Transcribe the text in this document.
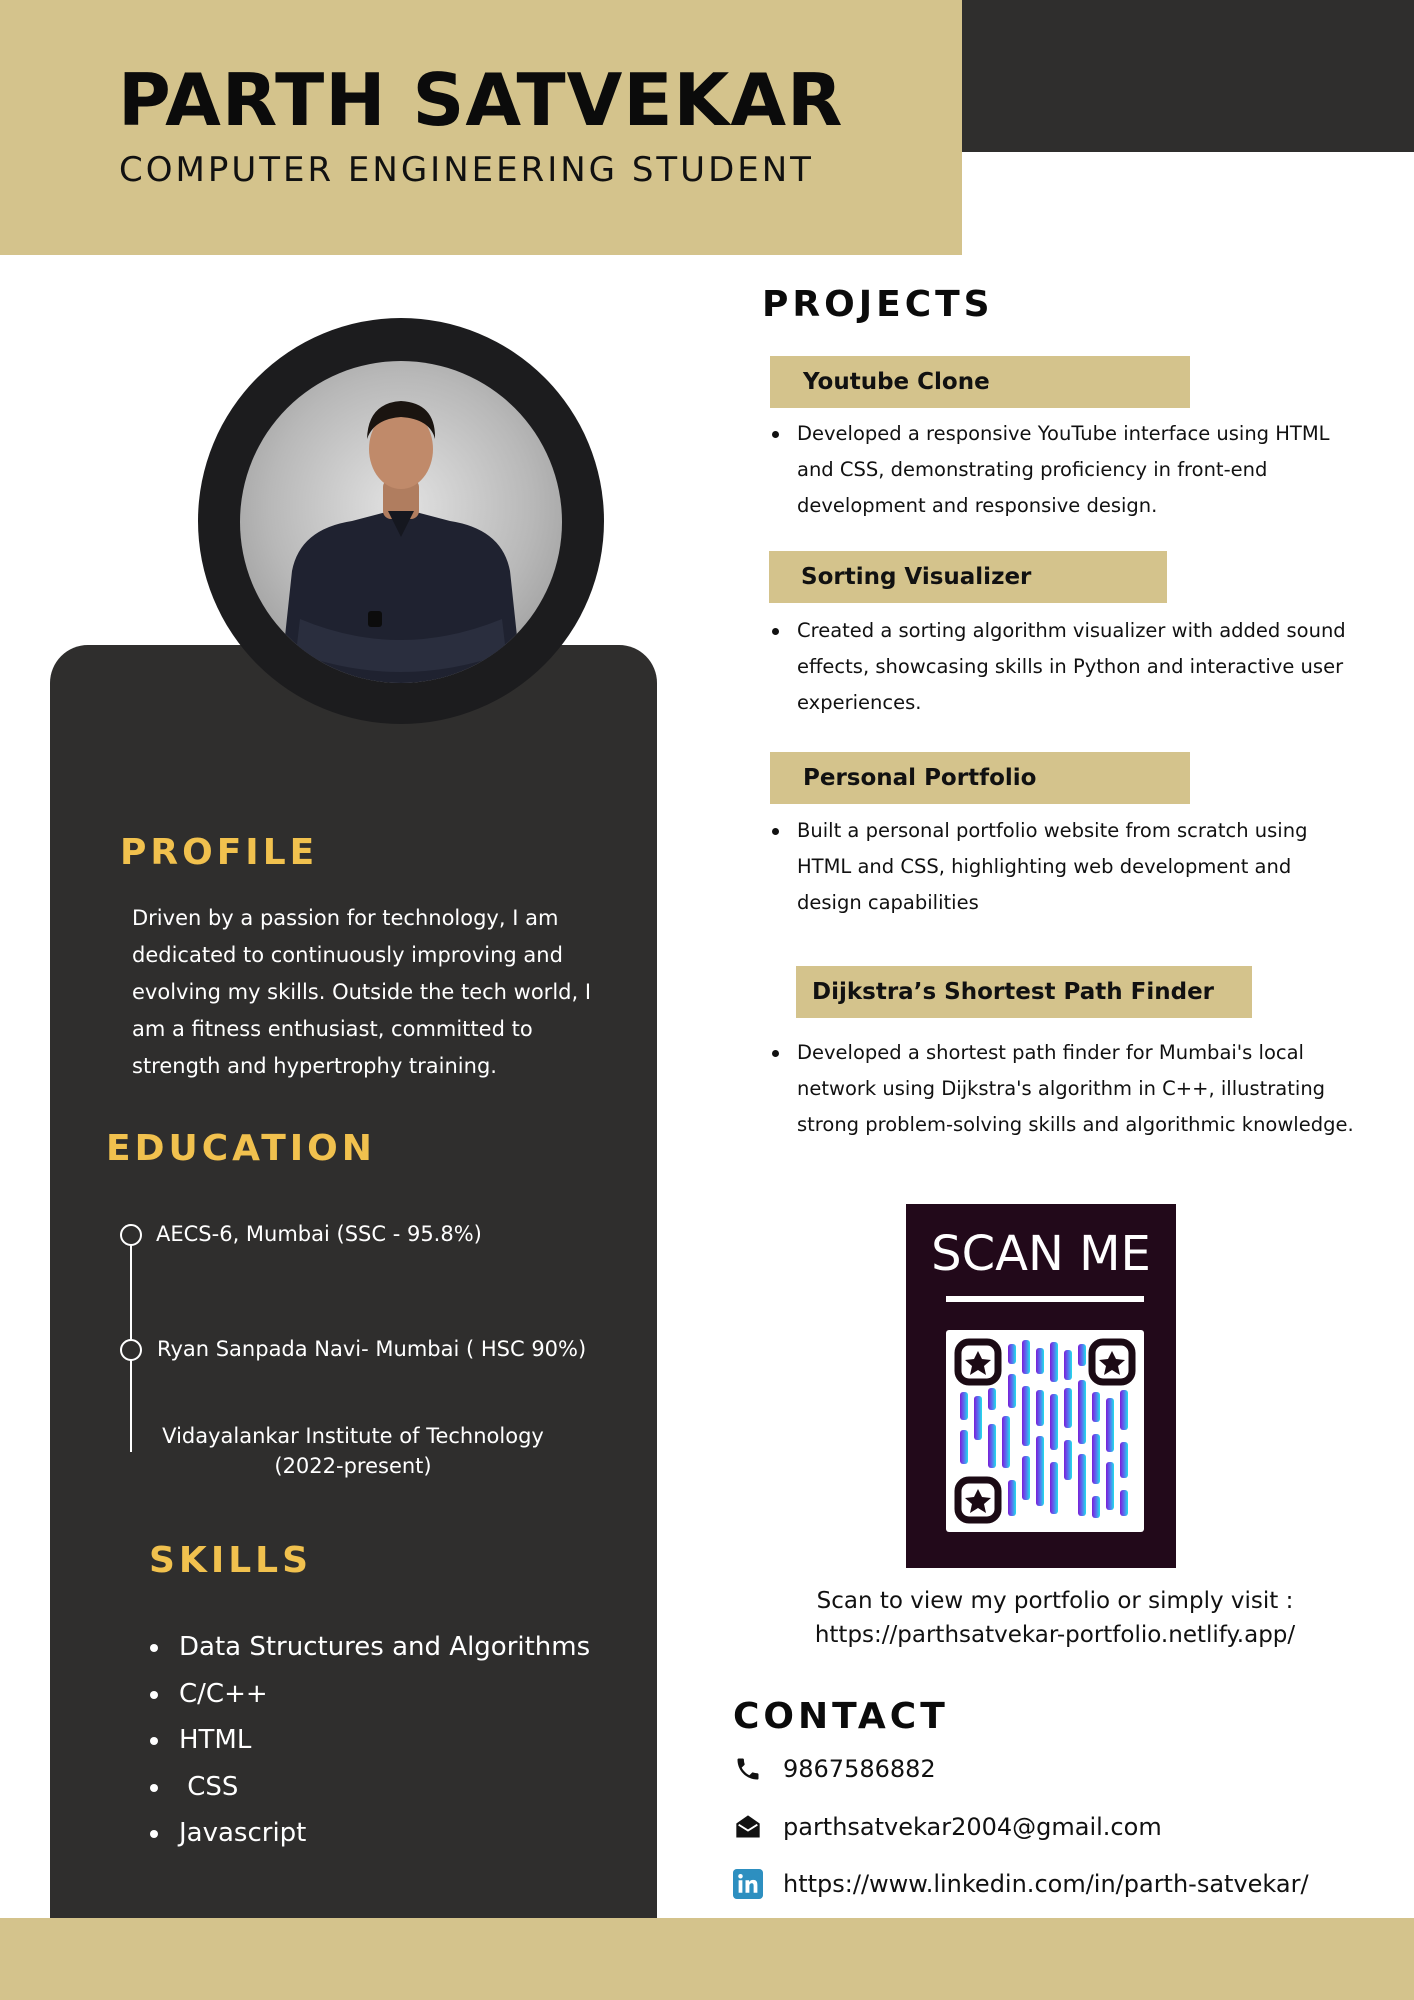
PARTH SATVEKAR
COMPUTER ENGINEERING STUDENT
PROFILE

Driven by a passion for technology, I am dedicated to continuously improving and evolving my skills. Outside the tech world, I am a fitness enthusiast, committed to strength and hypertrophy training.

EDUCATION
AECS-6, Mumbai (SSC - 95.8%)
Ryan Sanpada Navi- Mumbai ( HSC 90%)
Vidayalankar Institute of Technology
(2022-present)
SKILLS
Data Structures and Algorithms
C/C++
HTML
CSS
Javascript
PROJECTS
Youtube Clone

Developed a responsive YouTube interface using HTML and CSS, demonstrating proficiency in front-end development and responsive design.

Sorting Visualizer

Created a sorting algorithm visualizer with added sound effects, showcasing skills in Python and interactive user experiences.

Personal Portfolio

Built a personal portfolio website from scratch using HTML and CSS, highlighting web development and design capabilities

Dijkstra’s Shortest Path Finder

Developed a shortest path finder for Mumbai's local network using Dijkstra's algorithm in C++, illustrating strong problem-solving skills and algorithmic knowledge.

SCAN ME
Scan to view my portfolio or simply visit :
https://parthsatvekar-portfolio.netlify.app/
CONTACT
9867586882
parthsatvekar2004@gmail.com
https://www.linkedin.com/in/parth-satvekar/
